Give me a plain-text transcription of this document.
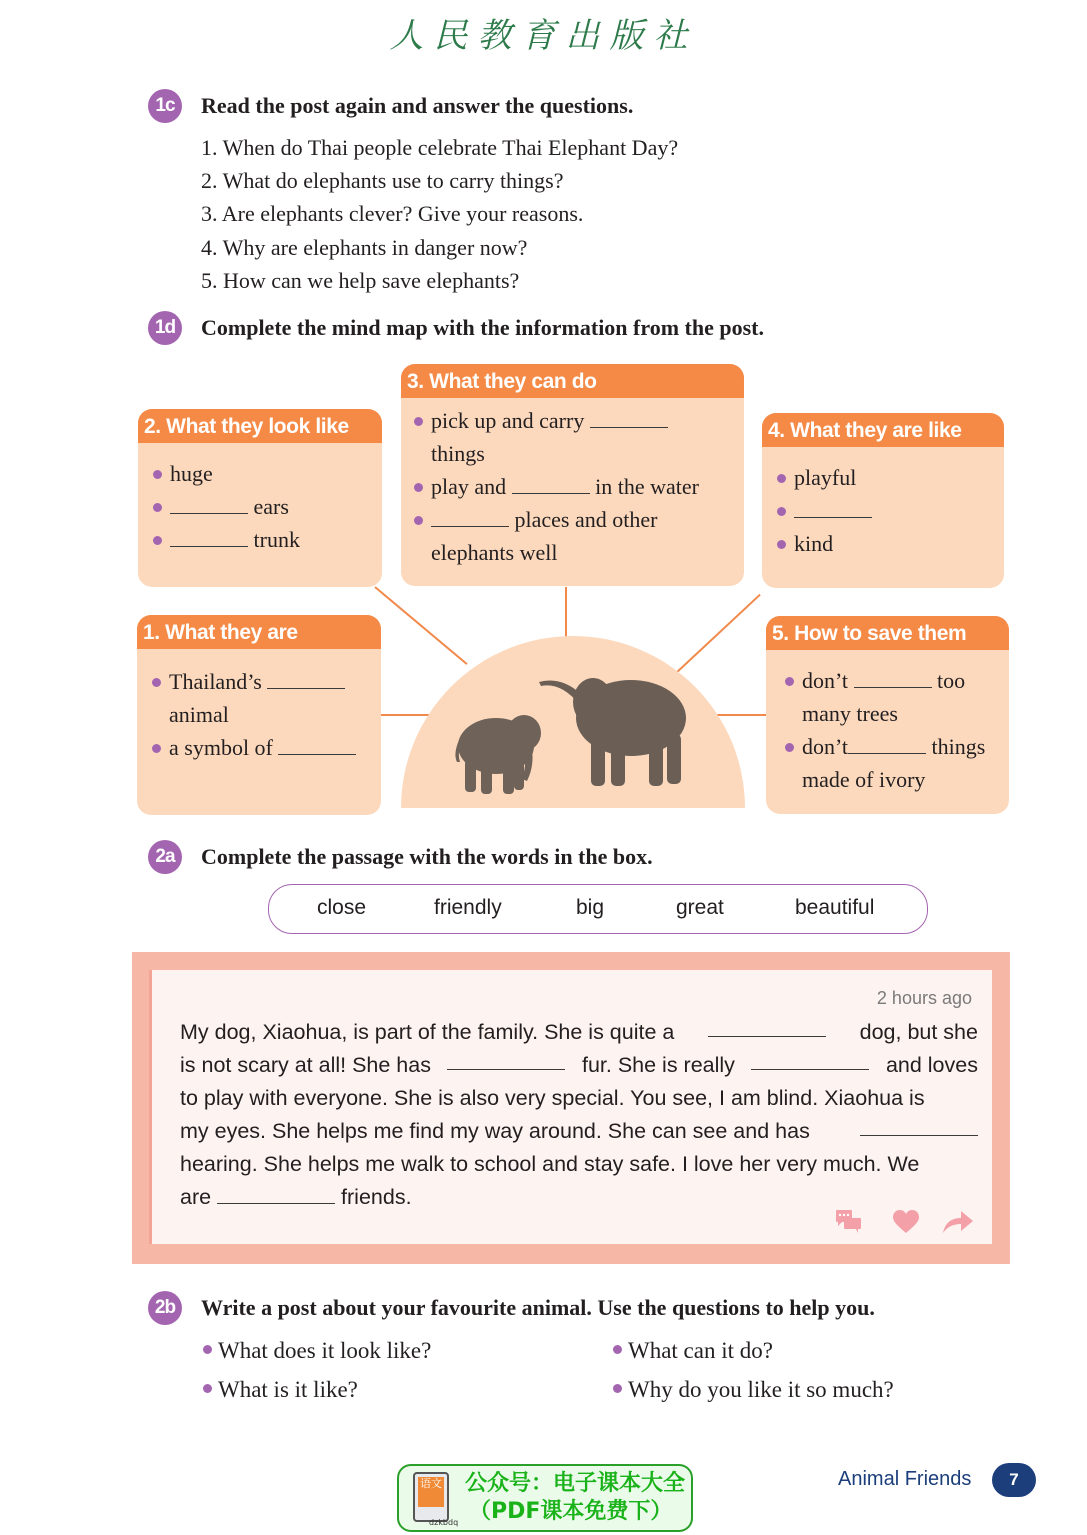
人民教育出版社
1c	Read the post again and answer the questions.
1. When do Thai people celebrate Thai Elephant Day?
2. What do elephants use to carry things?
3. Are elephants clever? Give your reasons.
4. Why are elephants in danger now?
5. How can we help save elephants?
1d	Complete the mind map with the information from the post.
2. What they look like
huge
ears
trunk
3. What they can do
pick up and carry
things
play and	in the water
places and other
elephants well
4. What they are like
playful
kind
1. What they are
Thailand’s
animal
a symbol of
5. How to save them
don’t	too
many trees
don’t	things
made of ivory
2a	Complete the passage with the words in the box.
close	friendly	big	great	beautiful
2 hours ago
My dog, Xiaohua, is part of the family. She is quite a	dog, but she
is not scary at all! She has	fur. She is really	and loves
to play with everyone. She is also very special. You see, I am blind. Xiaohua is
my eyes. She helps me find my way around. She can see and has
hearing. She helps me walk to school and stay safe. I love her very much. We
are	friends.
2b	Write a post about your favourite animal. Use the questions to help you.
What does it look like?	What can it do?
What is it like?	Why do you like it so much?
语文
dzkbdq
公众号：电子课本大全
（PDF课本免费下）
Animal Friends	7
